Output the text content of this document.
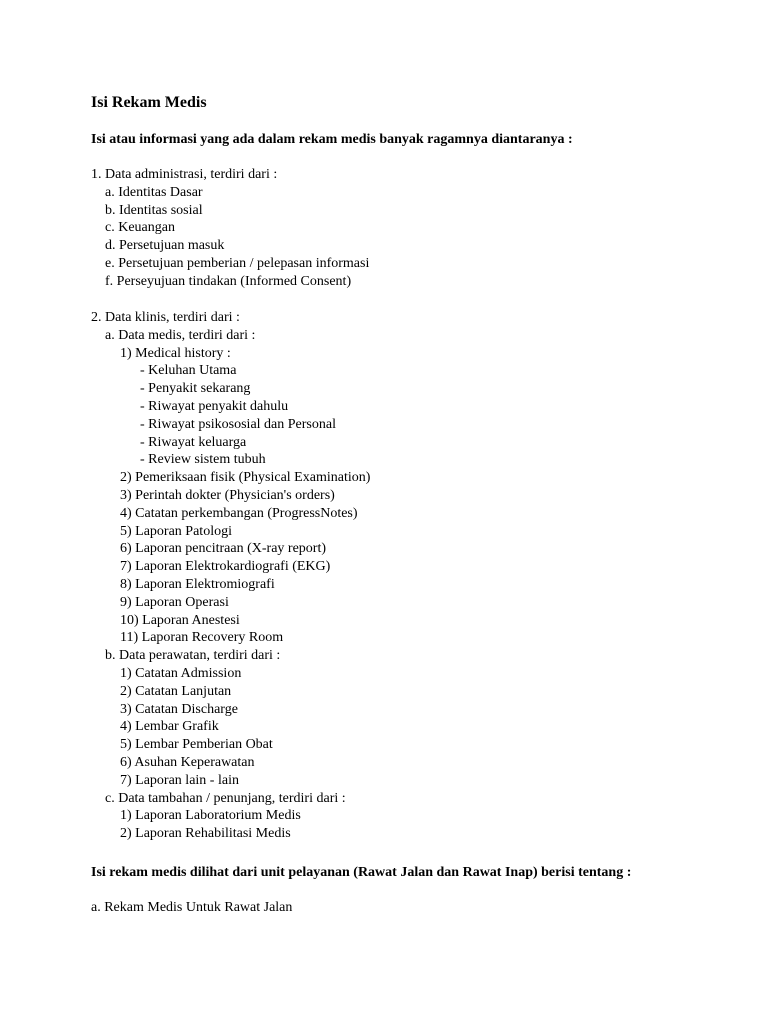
Isi Rekam Medis

Isi atau informasi yang ada dalam rekam medis banyak ragamnya diantaranya :

1. Data administrasi, terdiri dari :
a. Identitas Dasar
b. Identitas sosial
c. Keuangan
d. Persetujuan masuk
e. Persetujuan pemberian / pelepasan informasi
f. Perseyujuan tindakan (Informed Consent)
2. Data klinis, terdiri dari :
a. Data medis, terdiri dari :
1) Medical history :
- Keluhan Utama
- Penyakit sekarang
- Riwayat penyakit dahulu
- Riwayat psikososial dan Personal
- Riwayat keluarga
- Review sistem tubuh
2) Pemeriksaan fisik (Physical Examination)
3) Perintah dokter (Physician's orders)
4) Catatan perkembangan (ProgressNotes)
5) Laporan Patologi
6) Laporan pencitraan (X-ray report)
7) Laporan Elektrokardiografi (EKG)
8) Laporan Elektromiografi
9) Laporan Operasi
10) Laporan Anestesi
11) Laporan Recovery Room
b. Data perawatan, terdiri dari :
1) Catatan Admission
2) Catatan Lanjutan
3) Catatan Discharge
4) Lembar Grafik
5) Lembar Pemberian Obat
6) Asuhan Keperawatan
7) Laporan lain - lain
c. Data tambahan / penunjang, terdiri dari :
1) Laporan Laboratorium Medis
2) Laporan Rehabilitasi Medis

Isi rekam medis dilihat dari unit pelayanan (Rawat Jalan dan Rawat Inap) berisi tentang :

a. Rekam Medis Untuk Rawat Jalan
